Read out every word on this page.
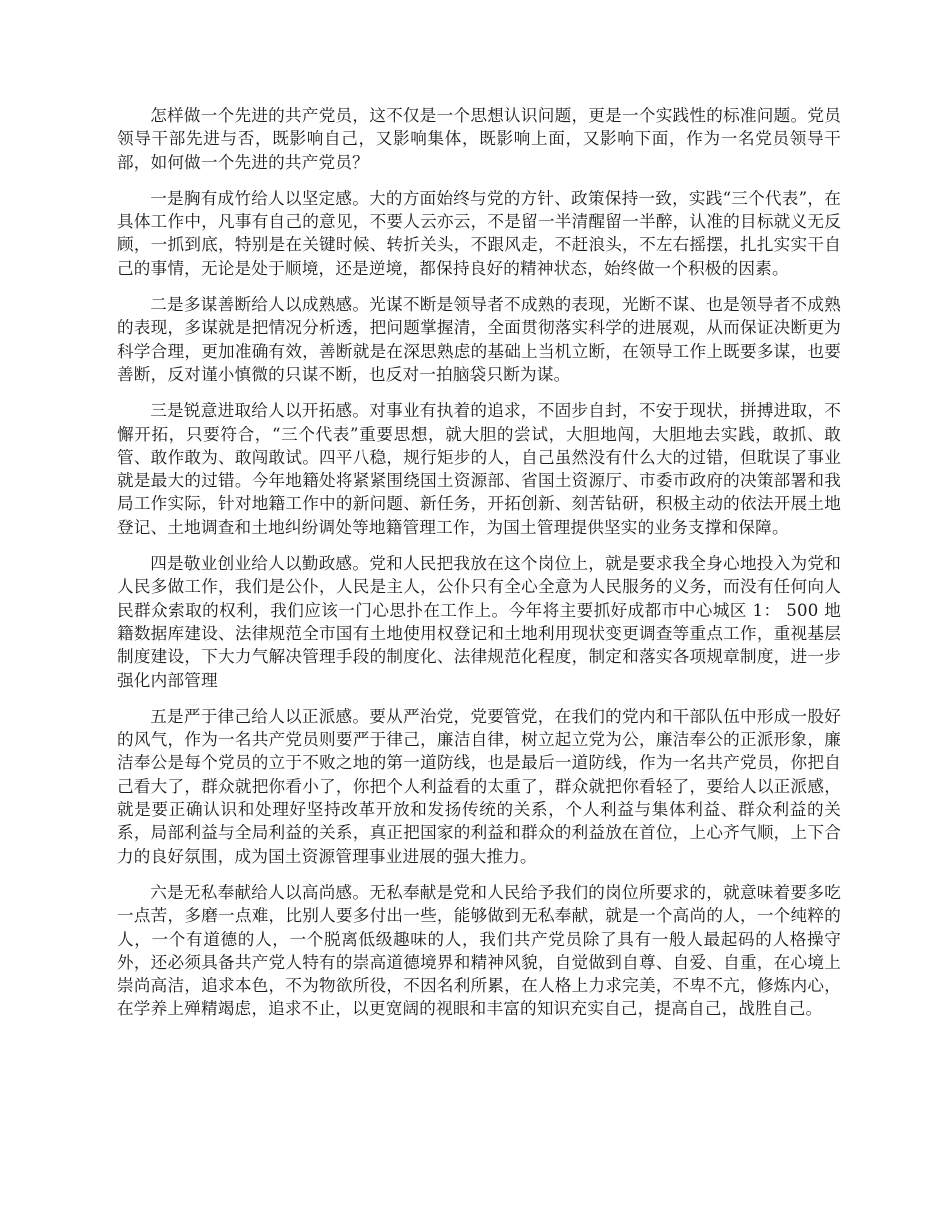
怎样做一个先进的共产党员，这不仅是一个思想认识问题，更是一个实践性的标准问题。党员领导干部先进与否，既影响自己，又影响集体，既影响上面，又影响下面，作为一名党员领导干部，如何做一个先进的共产党员？

一是胸有成竹给人以坚定感。大的方面始终与党的方针、政策保持一致，实践“三个代表”，在具体工作中，凡事有自己的意见，不要人云亦云，不是留一半清醒留一半醉，认准的目标就义无反顾，一抓到底，特别是在关键时候、转折关头，不跟风走，不赶浪头，不左右摇摆，扎扎实实干自己的事情，无论是处于顺境，还是逆境，都保持良好的精神状态，始终做一个积极的因素。

二是多谋善断给人以成熟感。光谋不断是领导者不成熟的表现，光断不谋、也是领导者不成熟的表现，多谋就是把情况分析透，把问题掌握清，全面贯彻落实科学的进展观，从而保证决断更为科学合理，更加准确有效，善断就是在深思熟虑的基础上当机立断，在领导工作上既要多谋，也要善断，反对谨小慎微的只谋不断，也反对一拍脑袋只断为谋。

三是锐意进取给人以开拓感。对事业有执着的追求，不固步自封，不安于现状，拼搏进取，不懈开拓，只要符合，“三个代表”重要思想，就大胆的尝试，大胆地闯，大胆地去实践，敢抓、敢管、敢作敢为、敢闯敢试。四平八稳，规行矩步的人，自己虽然没有什么大的过错，但耽误了事业就是最大的过错。今年地籍处将紧紧围绕国土资源部、省国土资源厅、市委市政府的决策部署和我局工作实际，针对地籍工作中的新问题、新任务，开拓创新、刻苦钻研，积极主动的依法开展土地登记、土地调查和土地纠纷调处等地籍管理工作，为国土管理提供坚实的业务支撑和保障。

四是敬业创业给人以勤政感。党和人民把我放在这个岗位上，就是要求我全身心地投入为党和人民多做工作，我们是公仆，人民是主人，公仆只有全心全意为人民服务的义务，而没有任何向人民群众索取的权利，我们应该一门心思扑在工作上。今年将主要抓好成都市中心城区 1： 500 地籍数据库建设、法律规范全市国有土地使用权登记和土地利用现状变更调查等重点工作，重视基层制度建设，下大力气解决管理手段的制度化、法律规范化程度，制定和落实各项规章制度，进一步强化内部管理

五是严于律己给人以正派感。要从严治党，党要管党，在我们的党内和干部队伍中形成一股好的风气，作为一名共产党员则要严于律己，廉洁自律，树立起立党为公，廉洁奉公的正派形象，廉洁奉公是每个党员的立于不败之地的第一道防线，也是最后一道防线，作为一名共产党员，你把自己看大了，群众就把你看小了，你把个人利益看的太重了，群众就把你看轻了，要给人以正派感，就是要正确认识和处理好坚持改革开放和发扬传统的关系，个人利益与集体利益、群众利益的关系，局部利益与全局利益的关系，真正把国家的利益和群众的利益放在首位，上心齐气顺，上下合力的良好氛围，成为国土资源管理事业进展的强大推力。

六是无私奉献给人以高尚感。无私奉献是党和人民给予我们的岗位所要求的，就意味着要多吃一点苦，多磨一点难，比别人要多付出一些，能够做到无私奉献，就是一个高尚的人，一个纯粹的人，一个有道德的人，一个脱离低级趣味的人，我们共产党员除了具有一般人最起码的人格操守外，还必须具备共产党人特有的崇高道德境界和精神风貌，自觉做到自尊、自爱、自重，在心境上崇尚高洁，追求本色，不为物欲所役，不因名利所累，在人格上力求完美，不卑不亢，修炼内心，在学养上殚精竭虑，追求不止，以更宽阔的视眼和丰富的知识充实自己，提高自己，战胜自己。
